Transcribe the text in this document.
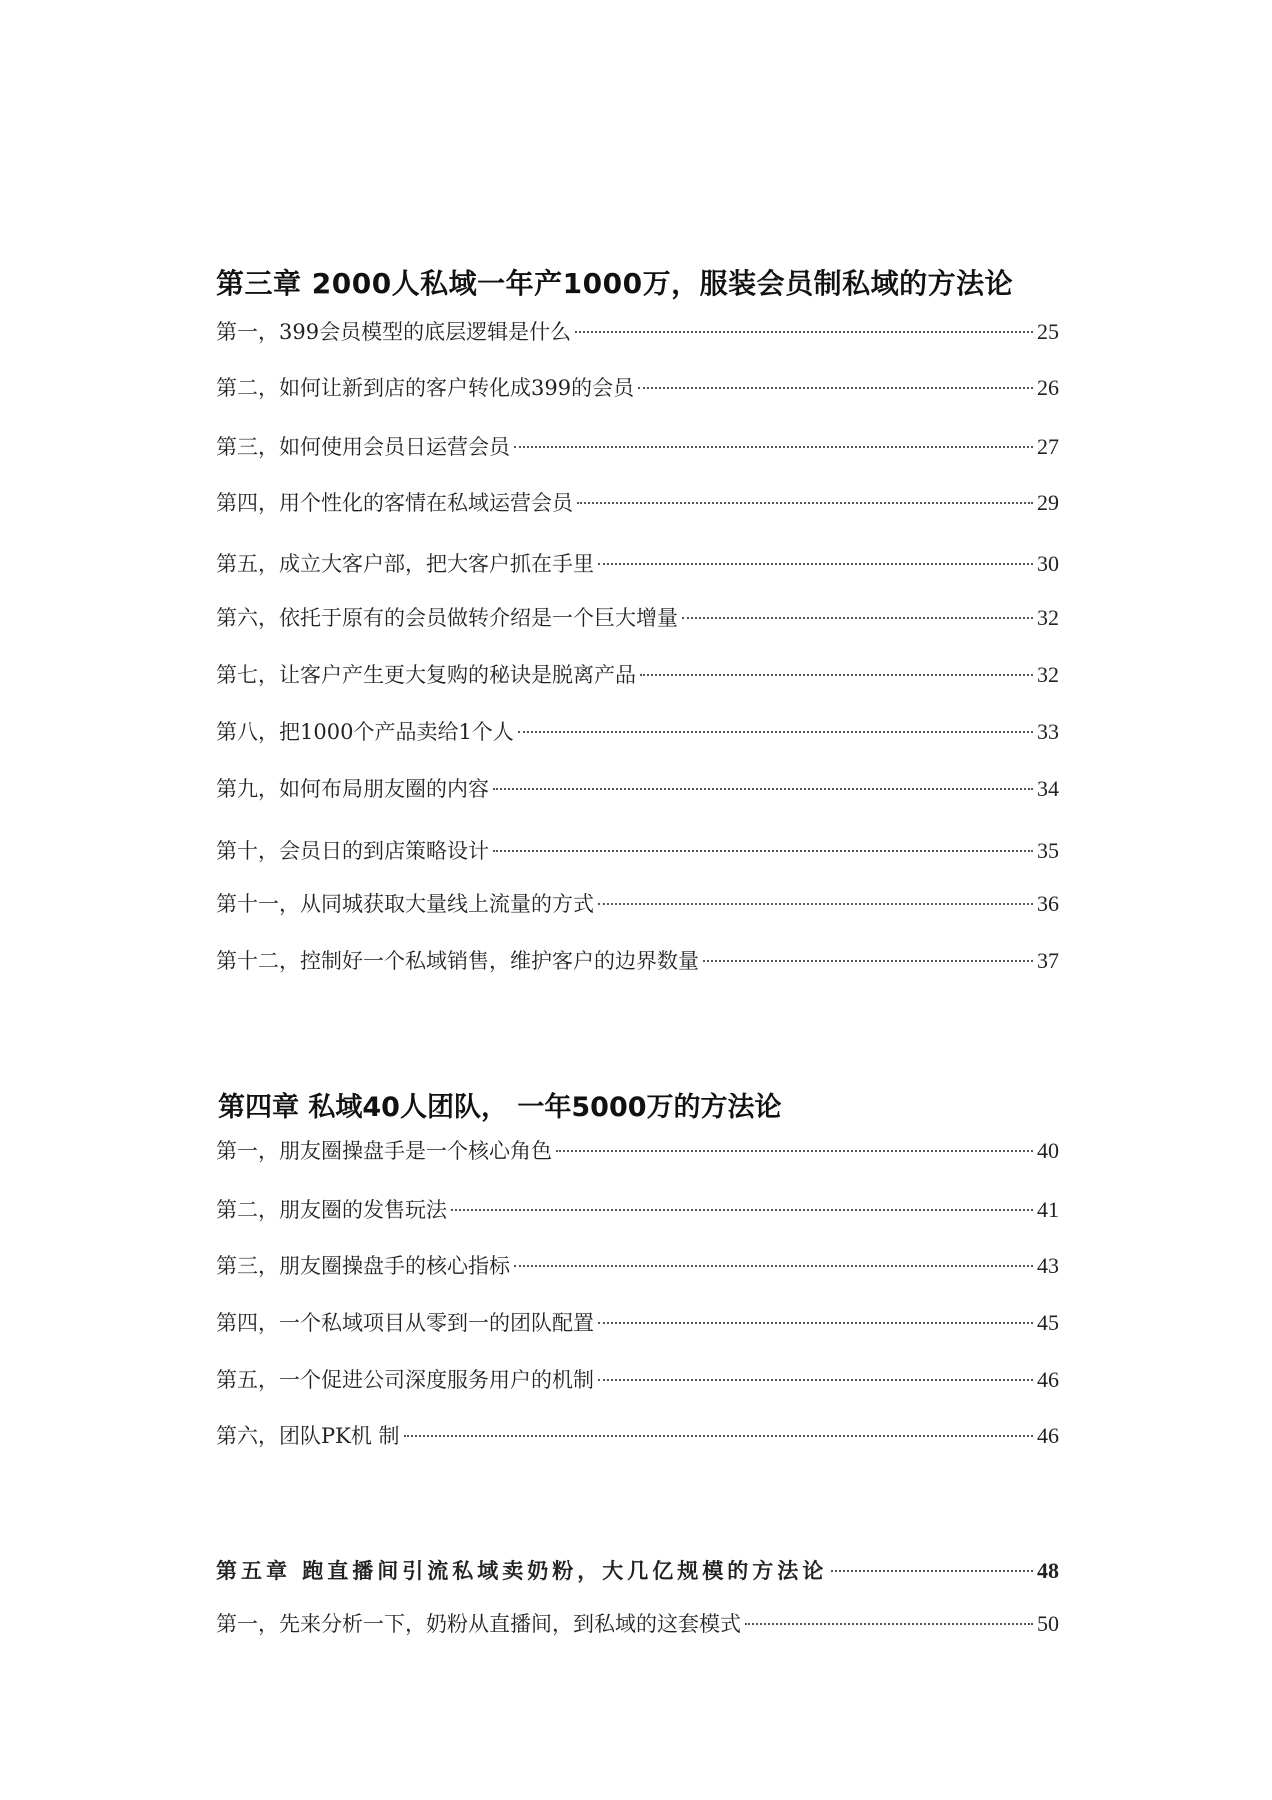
第三章 2000人私域一年产1000万，服装会员制私域的方法论
第一，399会员模型的底层逻辑是什么	25
第二，如何让新到店的客户转化成399的会员	26
第三，如何使用会员日运营会员	27
第四，用个性化的客情在私域运营会员	29
第五，成立大客户部，把大客户抓在手里	30
第六，依托于原有的会员做转介绍是一个巨大增量	32
第七，让客户产生更大复购的秘诀是脱离产品	32
第八，把1000个产品卖给1个人	33
第九，如何布局朋友圈的内容	34
第十，会员日的到店策略设计	35
第十一，从同城获取大量线上流量的方式	36
第十二，控制好一个私域销售，维护客户的边界数量	37
第四章 私域40人团队， 一年5000万的方法论
第一，朋友圈操盘手是一个核心角色	40
第二，朋友圈的发售玩法	41
第三，朋友圈操盘手的核心指标	43
第四，一个私域项目从零到一的团队配置	45
第五，一个促进公司深度服务用户的机制	46
第六，团队PK机 制	46
第五章 跑直播间引流私域卖奶粉，大几亿规模的方法论	48
第一，先来分析一下，奶粉从直播间，到私域的这套模式	50
